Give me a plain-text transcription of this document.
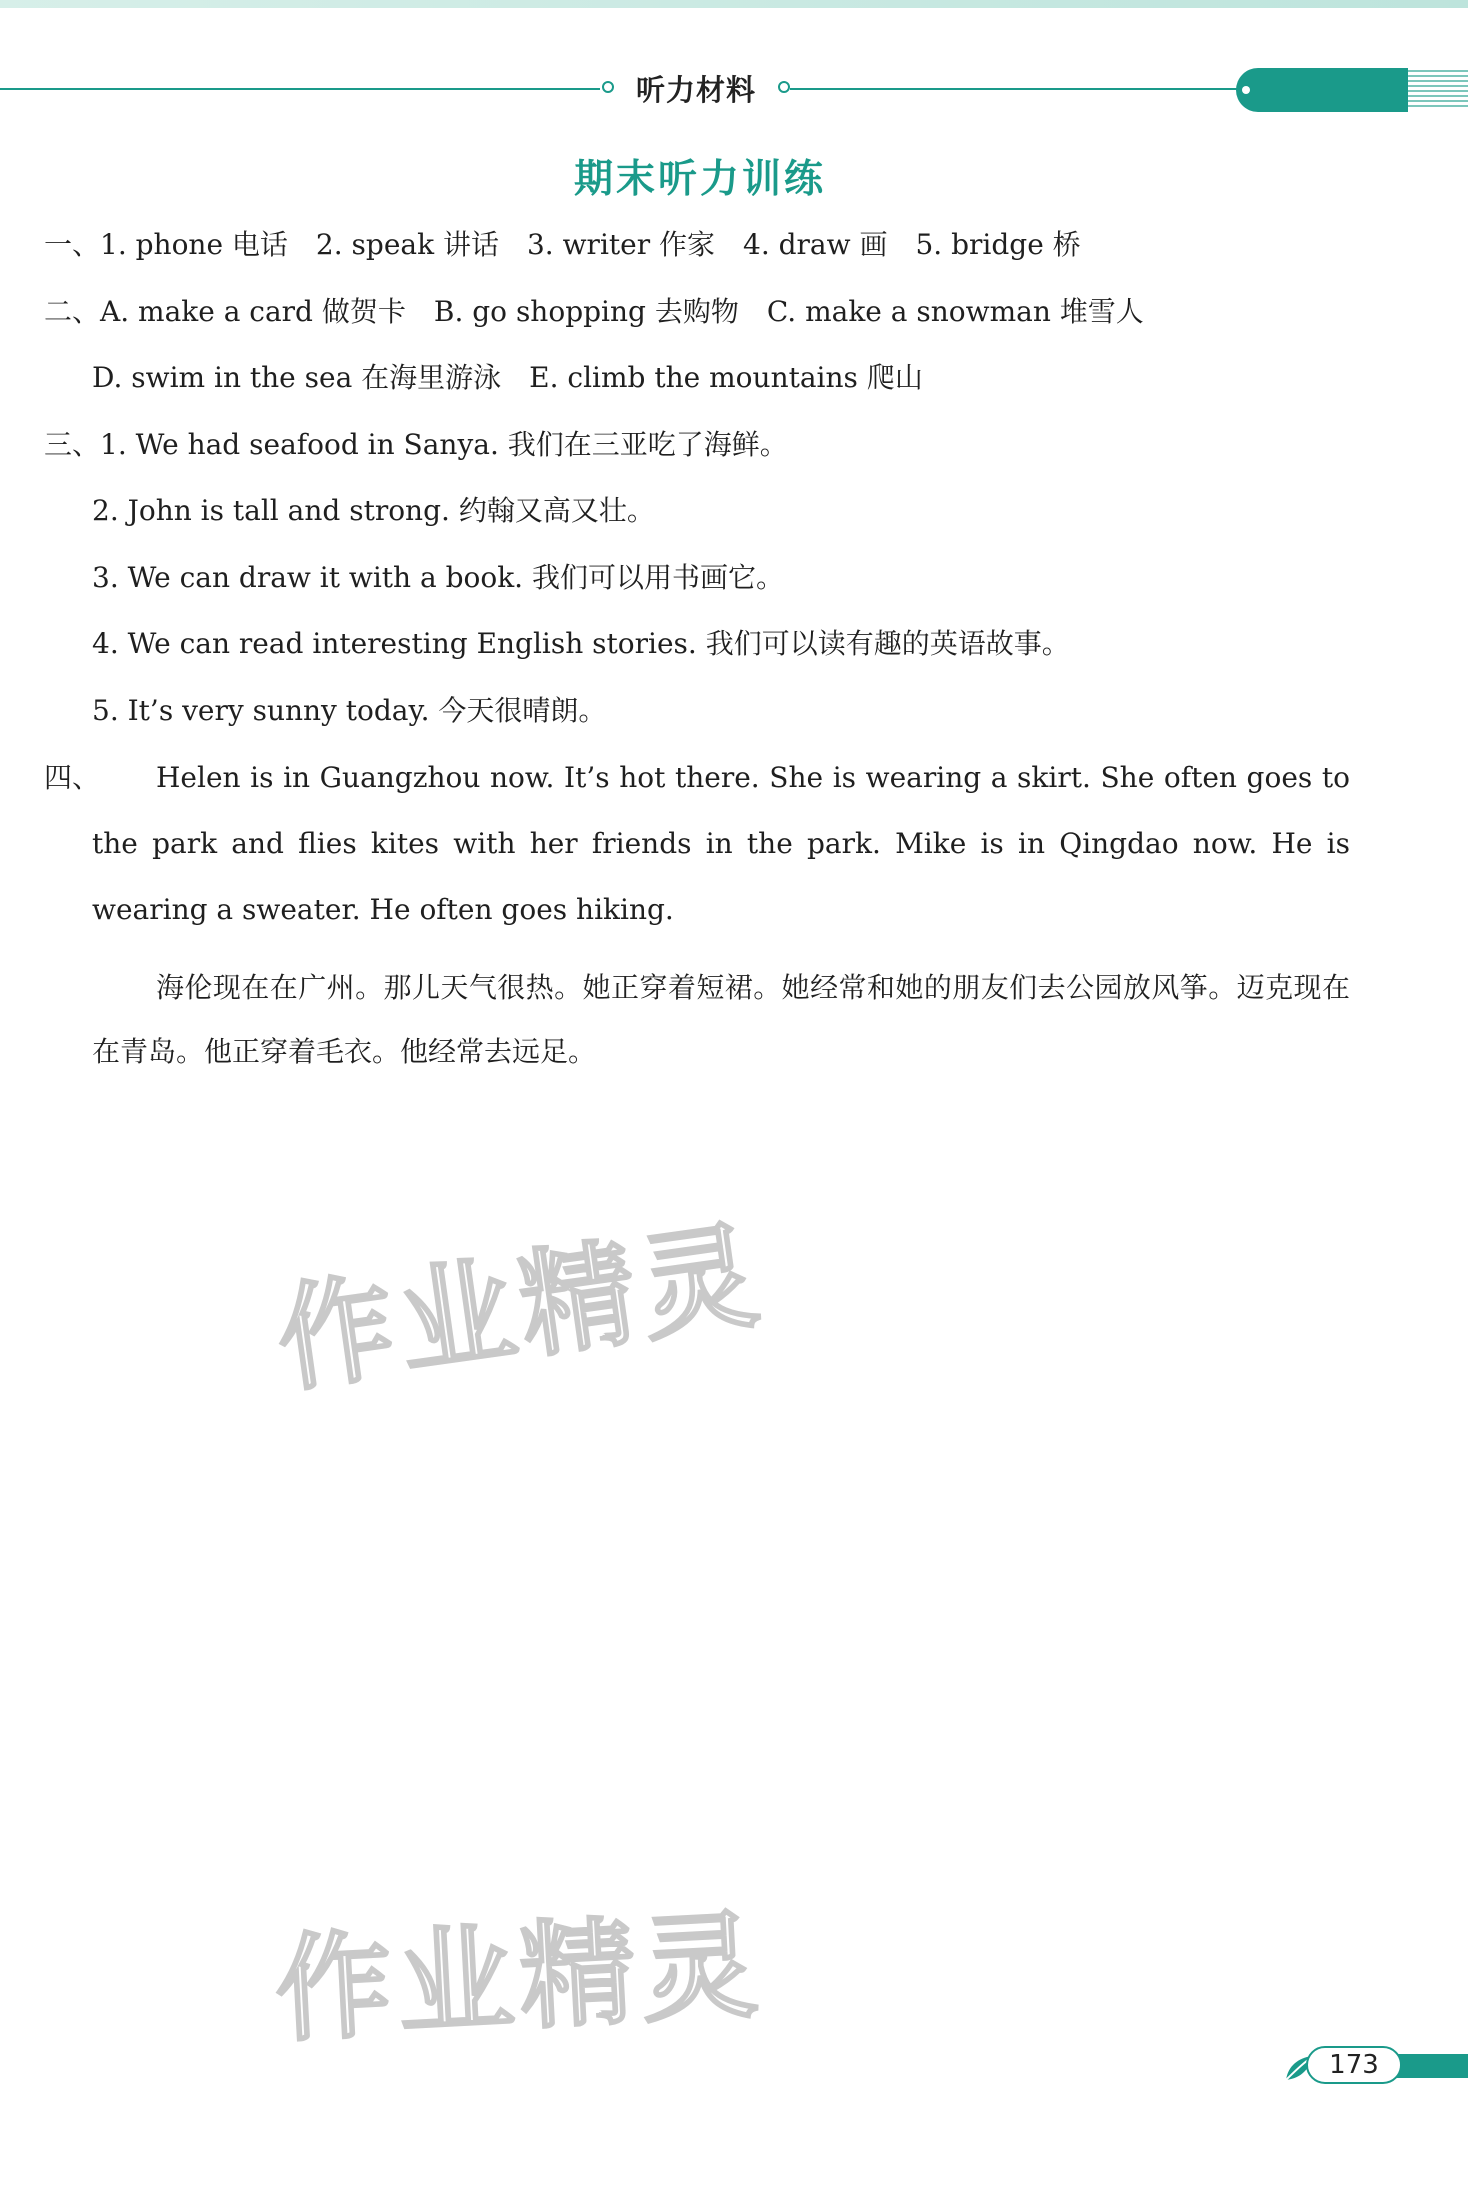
听力材料
期末听力训练
一、1. phone 电话　2. speak 讲话　3. writer 作家　4. draw 画　5. bridge 桥
二、A. make a card 做贺卡　B. go shopping 去购物　C. make a snowman 堆雪人
D. swim in the sea 在海里游泳　E. climb the mountains 爬山
三、1. We had seafood in Sanya. 我们在三亚吃了海鲜。
2. John is tall and strong. 约翰又高又壮。
3. We can draw it with a book. 我们可以用书画它。
4. We can read interesting English stories. 我们可以读有趣的英语故事。
5. It’s very sunny today. 今天很晴朗。
四、	Helen is in Guangzhou now. It’s hot there. She is wearing a skirt. She often goes to the park and flies kites with her friends in the park. Mike is in Qingdao now. He is wearing a sweater. He often goes hiking.
海伦现在在广州。那儿天气很热。她正穿着短裙。她经常和她的朋友们去公园放风筝。迈克现在在青岛。他正穿着毛衣。他经常去远足。
作业精灵
作业精灵
173
